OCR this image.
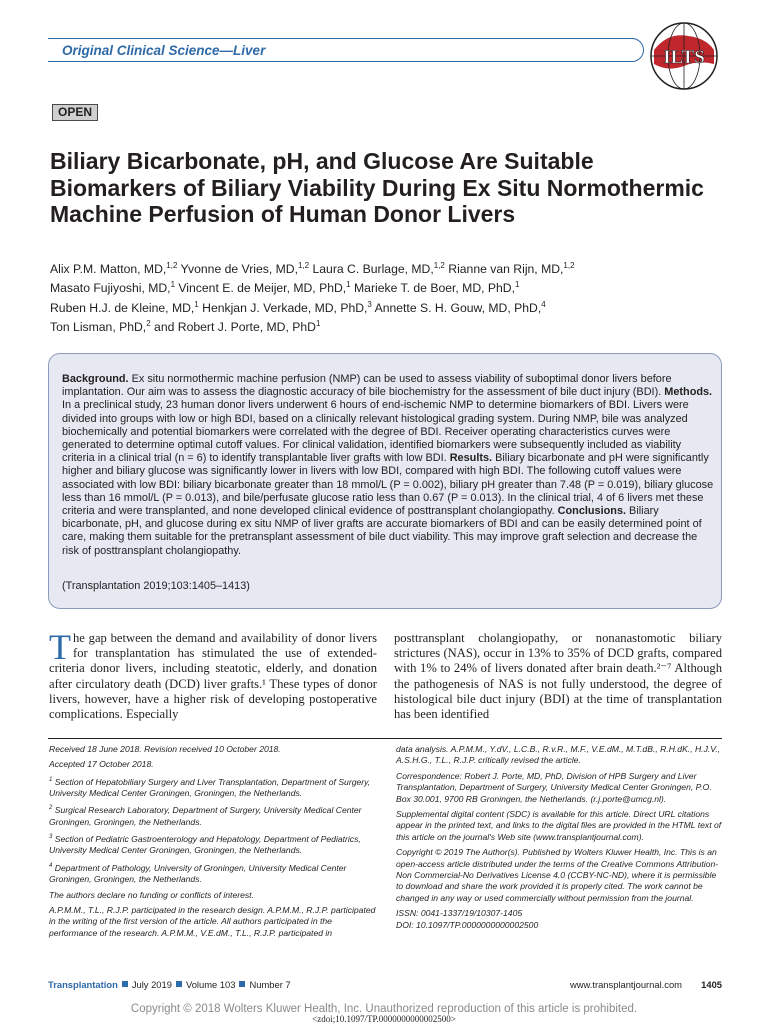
Original Clinical Science—Liver	ILTS
OPEN
Biliary Bicarbonate, pH, and Glucose Are Suitable Biomarkers of Biliary Viability During Ex Situ Normothermic Machine Perfusion of Human Donor Livers
Alix P.M. Matton, MD,$^{1,2}$ Yvonne de Vries, MD,$^{1,2}$ Laura C. Burlage, MD,$^{1,2}$ Rianne van Rijn, MD,$^{1,2}$
Masato Fujiyoshi, MD,$^1$ Vincent E. de Meijer, MD, PhD,$^1$ Marieke T. de Boer, MD, PhD,$^1$
Ruben H.J. de Kleine, MD,$^1$ Henkjan J. Verkade, MD, PhD,$^3$ Annette S. H. Gouw, MD, PhD,$^4$
Ton Lisman, PhD,$^2$ and Robert J. Porte, MD, PhD$^1$
Background. Ex situ normothermic machine perfusion (NMP) can be used to assess viability of suboptimal donor livers before implantation. Our aim was to assess the diagnostic accuracy of bile biochemistry for the assessment of bile duct injury (BDI). Methods. In a preclinical study, 23 human donor livers underwent 6 hours of end-ischemic NMP to determine biomarkers of BDI. Livers were divided into groups with low or high BDI, based on a clinically relevant histological grading system. During NMP, bile was analyzed biochemically and potential biomarkers were correlated with the degree of BDI. Receiver operating characteristics curves were generated to determine optimal cutoff values. For clinical validation, identified biomarkers were subsequently included as viability criteria in a clinical trial (n = 6) to identify transplantable liver grafts with low BDI. Results. Biliary bicarbonate and pH were significantly higher and biliary glucose was significantly lower in livers with low BDI, compared with high BDI. The following cutoff values were associated with low BDI: biliary bicarbonate greater than 18 mmol/L (P = 0.002), biliary pH greater than 7.48 (P = 0.019), biliary glucose less than 16 mmol/L (P = 0.013), and bile/perfusate glucose ratio less than 0.67 (P = 0.013). In the clinical trial, 4 of 6 livers met these criteria and were transplanted, and none developed clinical evidence of posttransplant cholangiopathy. Conclusions. Biliary bicarbonate, pH, and glucose during ex situ NMP of liver grafts are accurate biomarkers of BDI and can be easily determined point of care, making them suitable for the pretransplant assessment of bile duct viability. This may improve graft selection and decrease the risk of posttransplant cholangiopathy.
(Transplantation 2019;103:1405–1413)
The gap between the demand and availability of donor livers for transplantation has stimulated the use of extended-criteria donor livers, including steatotic, elderly, and donation after circulatory death (DCD) liver grafts.¹ These types of donor livers, however, have a higher risk of developing postoperative complications. Especially
posttransplant cholangiopathy, or nonanastomotic biliary strictures (NAS), occur in 13% to 35% of DCD grafts, compared with 1% to 24% of livers donated after brain death.²⁻⁷ Although the pathogenesis of NAS is not fully understood, the degree of histological bile duct injury (BDI) at the time of transplantation has been identified

Received 18 June 2018. Revision received 10 October 2018.

Accepted 17 October 2018.

$^1$ Section of Hepatobiliary Surgery and Liver Transplantation, Department of Surgery, University Medical Center Groningen, Groningen, the Netherlands.

$^2$ Surgical Research Laboratory, Department of Surgery, University Medical Center Groningen, Groningen, the Netherlands.

$^3$ Section of Pediatric Gastroenterology and Hepatology, Department of Pediatrics, University Medical Center Groningen, Groningen, the Netherlands.

$^4$ Department of Pathology, University of Groningen, University Medical Center Groningen, Groningen, the Netherlands.

The authors declare no funding or conflicts of interest.

A.P.M.M., T.L., R.J.P. participated in the research design. A.P.M.M., R.J.P. participated in the writing of the first version of the article. All authors participated in the performance of the research. A.P.M.M., V.E.dM., T.L., R.J.P. participated in

data analysis. A.P.M.M., Y.dV., L.C.B., R.v.R., M.F., V.E.dM., M.T.dB., R.H.dK., H.J.V., A.S.H.G., T.L., R.J.P. critically revised the article.

Correspondence: Robert J. Porte, MD, PhD, Division of HPB Surgery and Liver Transplantation, Department of Surgery, University Medical Center Groningen, P.O. Box 30.001, 9700 RB Groningen, the Netherlands. (r.j.porte@umcg.nl).

Supplemental digital content (SDC) is available for this article. Direct URL citations appear in the printed text, and links to the digital files are provided in the HTML text of this article on the journal's Web site (www.transplantjournal.com).

Copyright © 2019 The Author(s). Published by Wolters Kluwer Health, Inc. This is an open-access article distributed under the terms of the Creative Commons Attribution-Non Commercial-No Derivatives License 4.0 (CCBY-NC-ND), where it is permissible to download and share the work provided it is properly cited. The work cannot be changed in any way or used commercially without permission from the journal.

ISSN: 0041-1337/19/10307-1405

DOI: 10.1097/TP.0000000000002500

Transplantation July 2019 Volume 103 Number 7	www.transplantjournal.com 1405
Copyright © 2018 Wolters Kluwer Health, Inc. Unauthorized reproduction of this article is prohibited.
<zdoi;10.1097/TP.0000000000002500>
